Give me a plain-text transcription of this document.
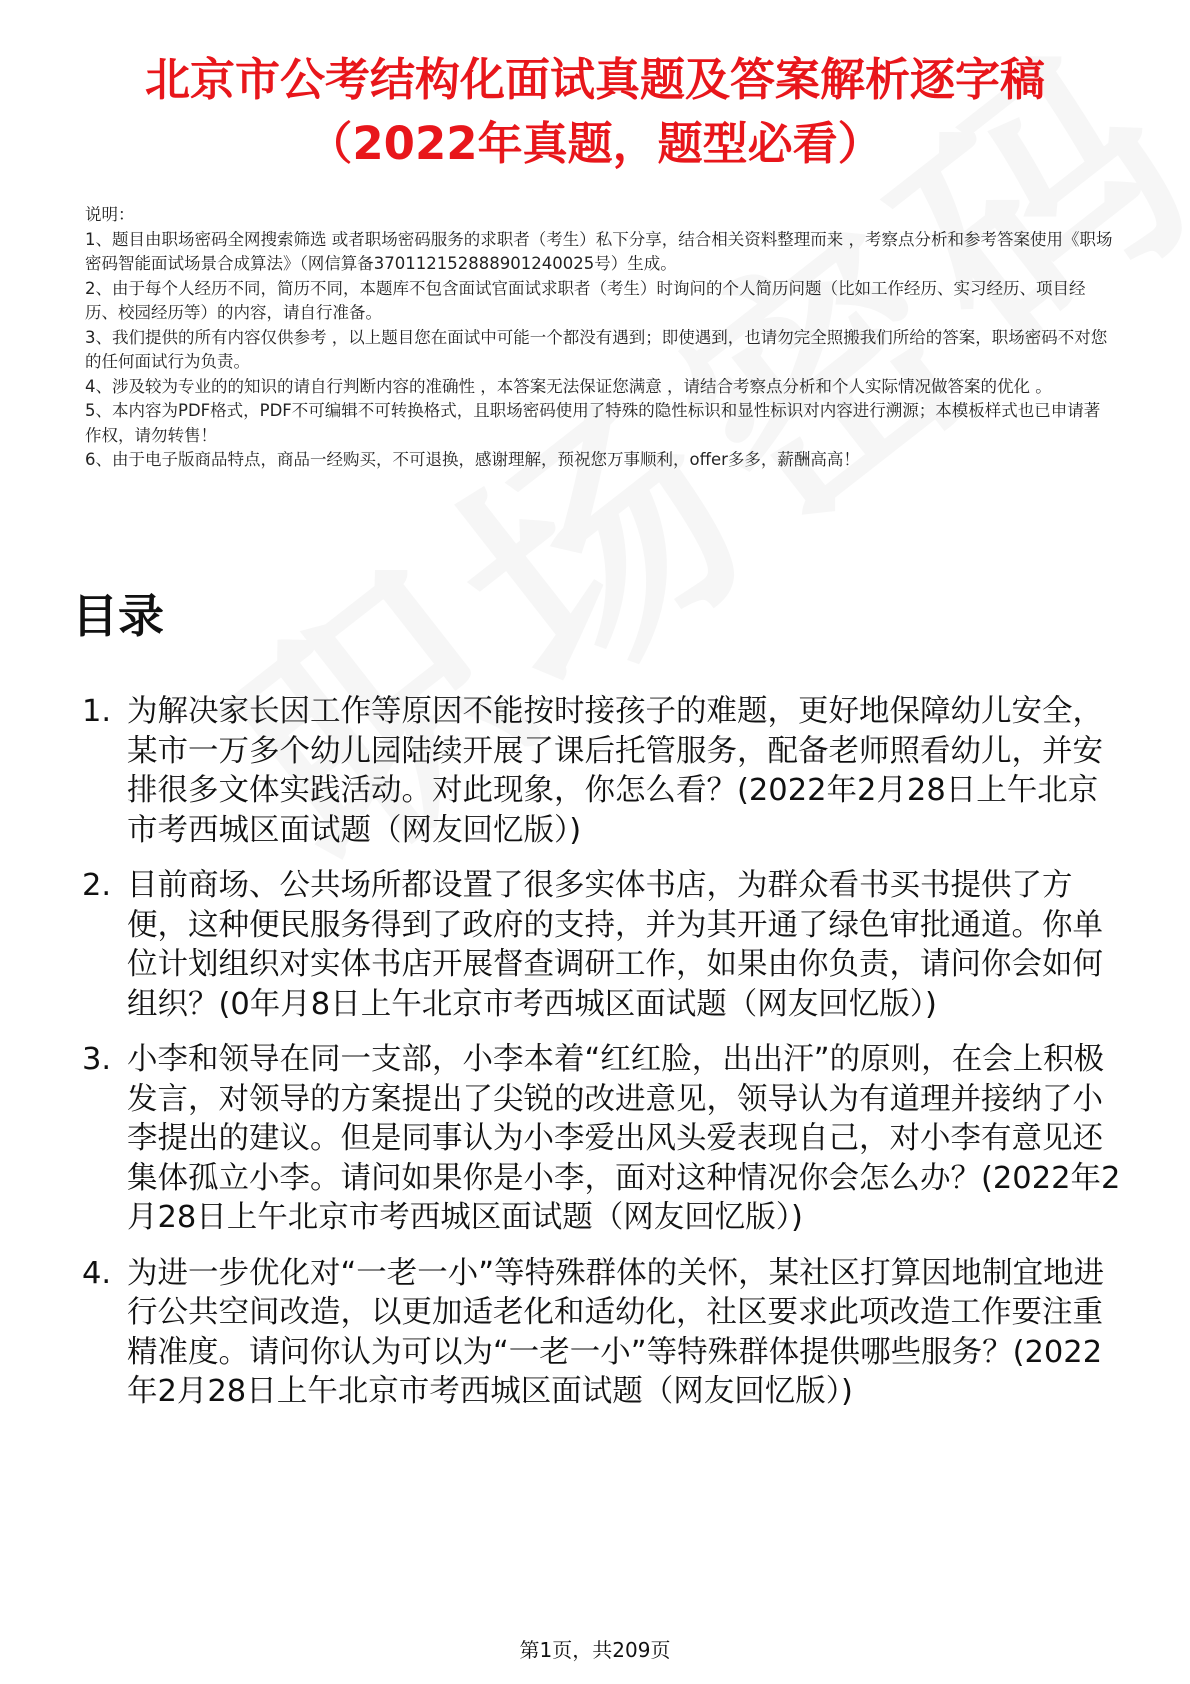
北京市公考结构化面试真题及答案解析逐字稿
（2022年真题，题型必看）
说明：
1、题目由职场密码全网搜索筛选 或者职场密码服务的求职者（考生）私下分享，结合相关资料整理而来 ，考察点分析和参考答案使用《职场密码智能面试场景合成算法》（网信算备370112152888901240025号）生成。
2、由于每个人经历不同，简历不同，本题库不包含面试官面试求职者（考生）时询问的个人简历问题（比如工作经历、实习经历、项目经历、校园经历等）的内容，请自行准备。
3、我们提供的所有内容仅供参考 ，以上题目您在面试中可能一个都没有遇到；即使遇到，也请勿完全照搬我们所给的答案，职场密码不对您的任何面试行为负责。
4、涉及较为专业的的知识的请自行判断内容的准确性 ，本答案无法保证您满意 ，请结合考察点分析和个人实际情况做答案的优化 。
5、本内容为PDF格式，PDF不可编辑不可转换格式，且职场密码使用了特殊的隐性标识和显性标识对内容进行溯源；本模板样式也已申请著作权，请勿转售！
6、由于电子版商品特点，商品一经购买，不可退换，感谢理解，预祝您万事顺利，offer多多，薪酬高高！
目录
1. 为解决家长因工作等原因不能按时接孩子的难题，更好地保障幼儿安全，某市一万多个幼儿园陆续开展了课后托管服务，配备老师照看幼儿，并安排很多文体实践活动。对此现象，你怎么看？(2022年2月28日上午北京市考西城区面试题（网友回忆版）)
2. 目前商场、公共场所都设置了很多实体书店，为群众看书买书提供了方便，这种便民服务得到了政府的支持，并为其开通了绿色审批通道。你单位计划组织对实体书店开展督查调研工作，如果由你负责，请问你会如何组织？(0年月8日上午北京市考西城区面试题（网友回忆版）)
3. 小李和领导在同一支部，小李本着“红红脸，出出汗”的原则，在会上积极发言，对领导的方案提出了尖锐的改进意见，领导认为有道理并接纳了小李提出的建议。但是同事认为小李爱出风头爱表现自己，对小李有意见还集体孤立小李。请问如果你是小李，面对这种情况你会怎么办？(2022年2月28日上午北京市考西城区面试题（网友回忆版）)
4. 为进一步优化对“一老一小”等特殊群体的关怀，某社区打算因地制宜地进行公共空间改造，以更加适老化和适幼化，社区要求此项改造工作要注重精准度。请问你认为可以为“一老一小”等特殊群体提供哪些服务？(2022年2月28日上午北京市考西城区面试题（网友回忆版）)
第1页，共209页
